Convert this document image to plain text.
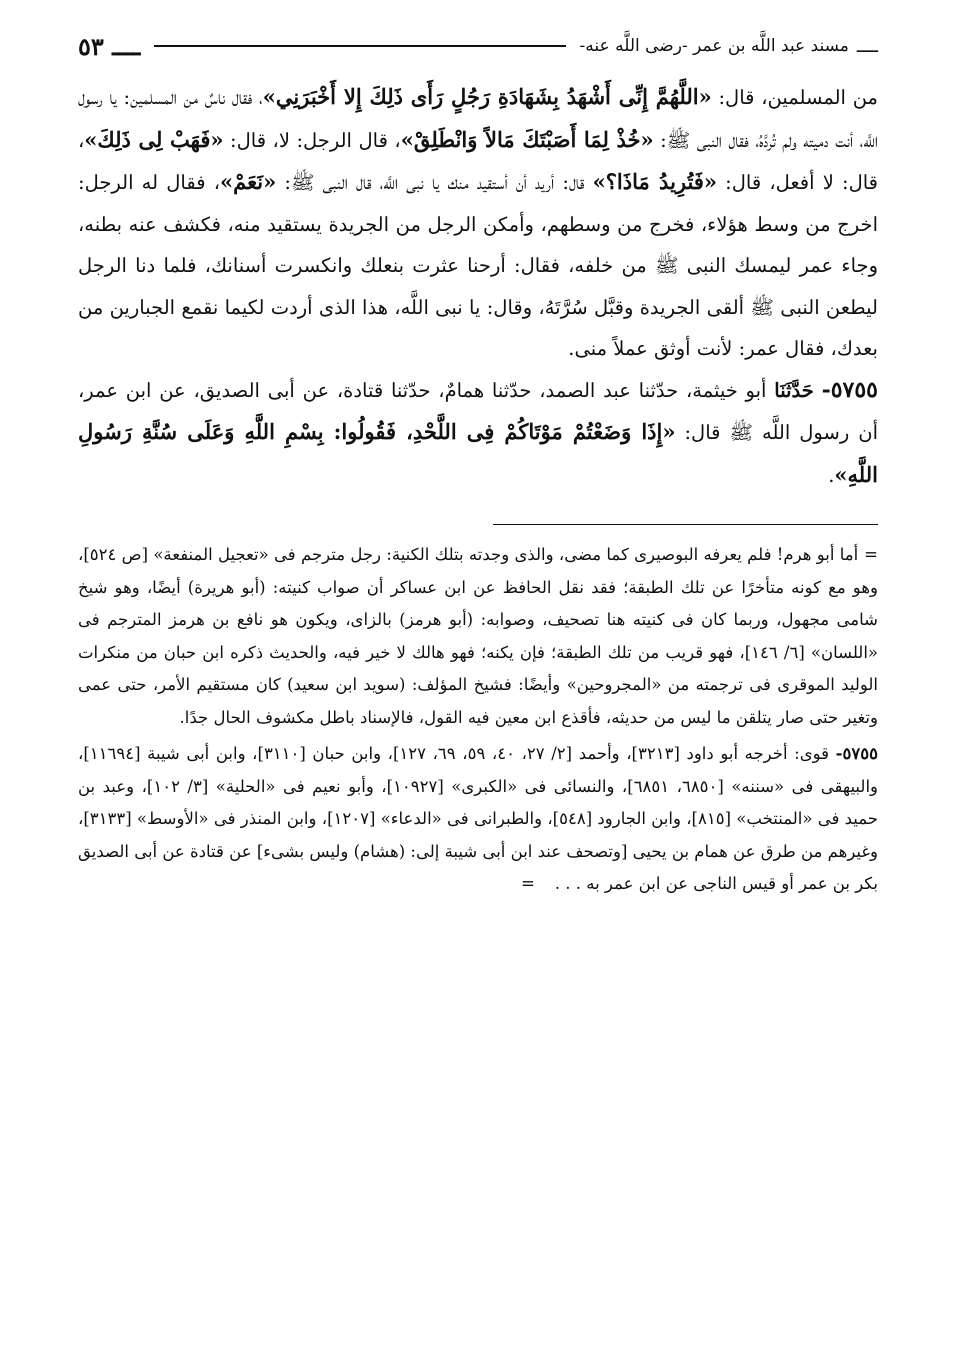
ــــ
مسند عبد اللَّه بن عمر -رضى اللَّه عنه-
ــــ ٥٣

من المسلمين، قال: «اللَّهُمَّ إِنِّى أَشْهَدُ بِشَهَادَةِ رَجُلٍ رَأَى ذَلِكَ إِلا أَخْبَرَنِي»، فقال ناسٌ من المسلمين: يا رسول اللَّه، أنت دميته ولم تُردَّهُ، فقال النبى ﷺ: «خُذْ لِمَا أَصَبْتَكَ مَالاً وَانْطَلِقْ»، قال الرجل: لا، قال: «فَهَبْ لِى ذَلِكَ»، قال: لا أفعل، قال: «فَتُرِيدُ مَاذَا؟» قال: أريد أن أستقيد منك يا نبى اللَّه، قال النبى ﷺ: «نَعَمْ»، فقال له الرجل: اخرج من وسط هؤلاء، فخرج من وسطهم، وأمكن الرجل من الجريدة يستقيد منه، فكشف عنه بطنه، وجاء عمر ليمسك النبى ﷺ من خلفه، فقال: أرحنا عثرت بنعلك وانكسرت أسنانك، فلما دنا الرجل ليطعن النبى ﷺ ألقى الجريدة وقبَّل سُرَّتَهُ، وقال: يا نبى اللَّه، هذا الذى أردت لكيما نقمع الجبارين من بعدك، فقال عمر: لأنت أوثق عملاً منى.

٥٧٥٥- حَدَّثَنَا أبو خيثمة، حدّثنا عبد الصمد، حدّثنا همامٌ، حدّثنا قتادة، عن أبى الصديق، عن ابن عمر، أن رسول اللَّه ﷺ قال: «إِذَا وَضَعْتُمْ مَوْتَاكُمْ فِى اللَّحْدِ، فَقُولُوا: بِسْمِ اللَّهِ وَعَلَى سُنَّةِ رَسُولِ اللَّهِ».

=أما أبو هرم! فلم يعرفه البوصيرى كما مضى، والذى وجدته بتلك الكنية: رجل مترجم فى «تعجيل المنفعة» [ص ٥٢٤]، وهو مع كونه متأخرًا عن تلك الطبقة؛ فقد نقل الحافظ عن ابن عساكر أن صواب كنيته: (أبو هريرة) أيضًا، وهو شيخ شامى مجهول، وربما كان فى كنيته هنا تصحيف، وصوابه: (أبو هرمز) بالزاى، ويكون هو نافع بن هرمز المترجم فى «اللسان» [٦/ ١٤٦]، فهو قريب من تلك الطبقة؛ فإن يكنه؛ فهو هالك لا خير فيه، والحديث ذكره ابن حبان من منكرات الوليد الموقرى فى ترجمته من «المجروحين» وأيضًا: فشيخ المؤلف: (سويد ابن سعيد) كان مستقيم الأمر، حتى عمى وتغير حتى صار يتلقن ما ليس من حديثه، فأقذع ابن معين فيه القول، فالإسناد باطل مكشوف الحال جدًا.

٥٧٥٥- قوى: أخرجه أبو داود [٣٢١٣]، وأحمد [٢/ ٢٧، ٤٠، ٥٩، ٦٩، ١٢٧]، وابن حبان [٣١١٠]، وابن أبى شيبة [١١٦٩٤]، والبيهقى فى «سننه» [٦٨٥٠، ٦٨٥١]، والنسائى فى «الكبرى» [١٠٩٢٧]، وأبو نعيم فى «الحلية» [٣/ ١٠٢]، وعبد بن حميد فى «المنتخب» [٨١٥]، وابن الجارود [٥٤٨]، والطبرانى فى «الدعاء» [١٢٠٧]، وابن المنذر فى «الأوسط» [٣١٣٣]، وغيرهم من طرق عن همام بن يحيى [وتصحف عند ابن أبى شيبة إلى: (هشام) وليس بشىء] عن قتادة عن أبى الصديق بكر بن عمر أو قيس الناجى عن ابن عمر به . . .=
